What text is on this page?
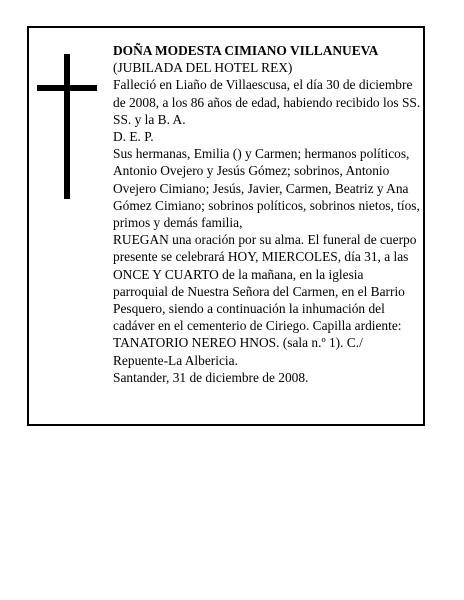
DOÑA MODESTA CIMIANO VILLANUEVA

(JUBILADA DEL HOTEL REX)

Falleció en Liaño de Villaescusa, el día 30 de diciembre de 2008, a los 86 años de edad, habiendo recibido los SS. SS. y la B. A.

D. E. P.

Sus hermanas, Emilia () y Carmen; hermanos políticos, Antonio Ovejero y Jesús Gómez; sobrinos, Antonio Ovejero Cimiano; Jesús, Javier, Carmen, Beatriz y Ana Gómez Cimiano; sobrinos políticos, sobrinos nietos, tíos, primos y demás familia,

RUEGAN una oración por su alma. El funeral de cuerpo presente se celebrará HOY, MIERCOLES, día 31, a las ONCE Y CUARTO de la mañana, en la iglesia parroquial de Nuestra Señora del Carmen, en el Barrio Pesquero, siendo a continuación la inhumación del cadáver en el cementerio de Ciriego. Capilla ardiente: TANATORIO NEREO HNOS. (sala n.º 1). C./ Repuente-La Albericia.

Santander, 31 de diciembre de 2008.
